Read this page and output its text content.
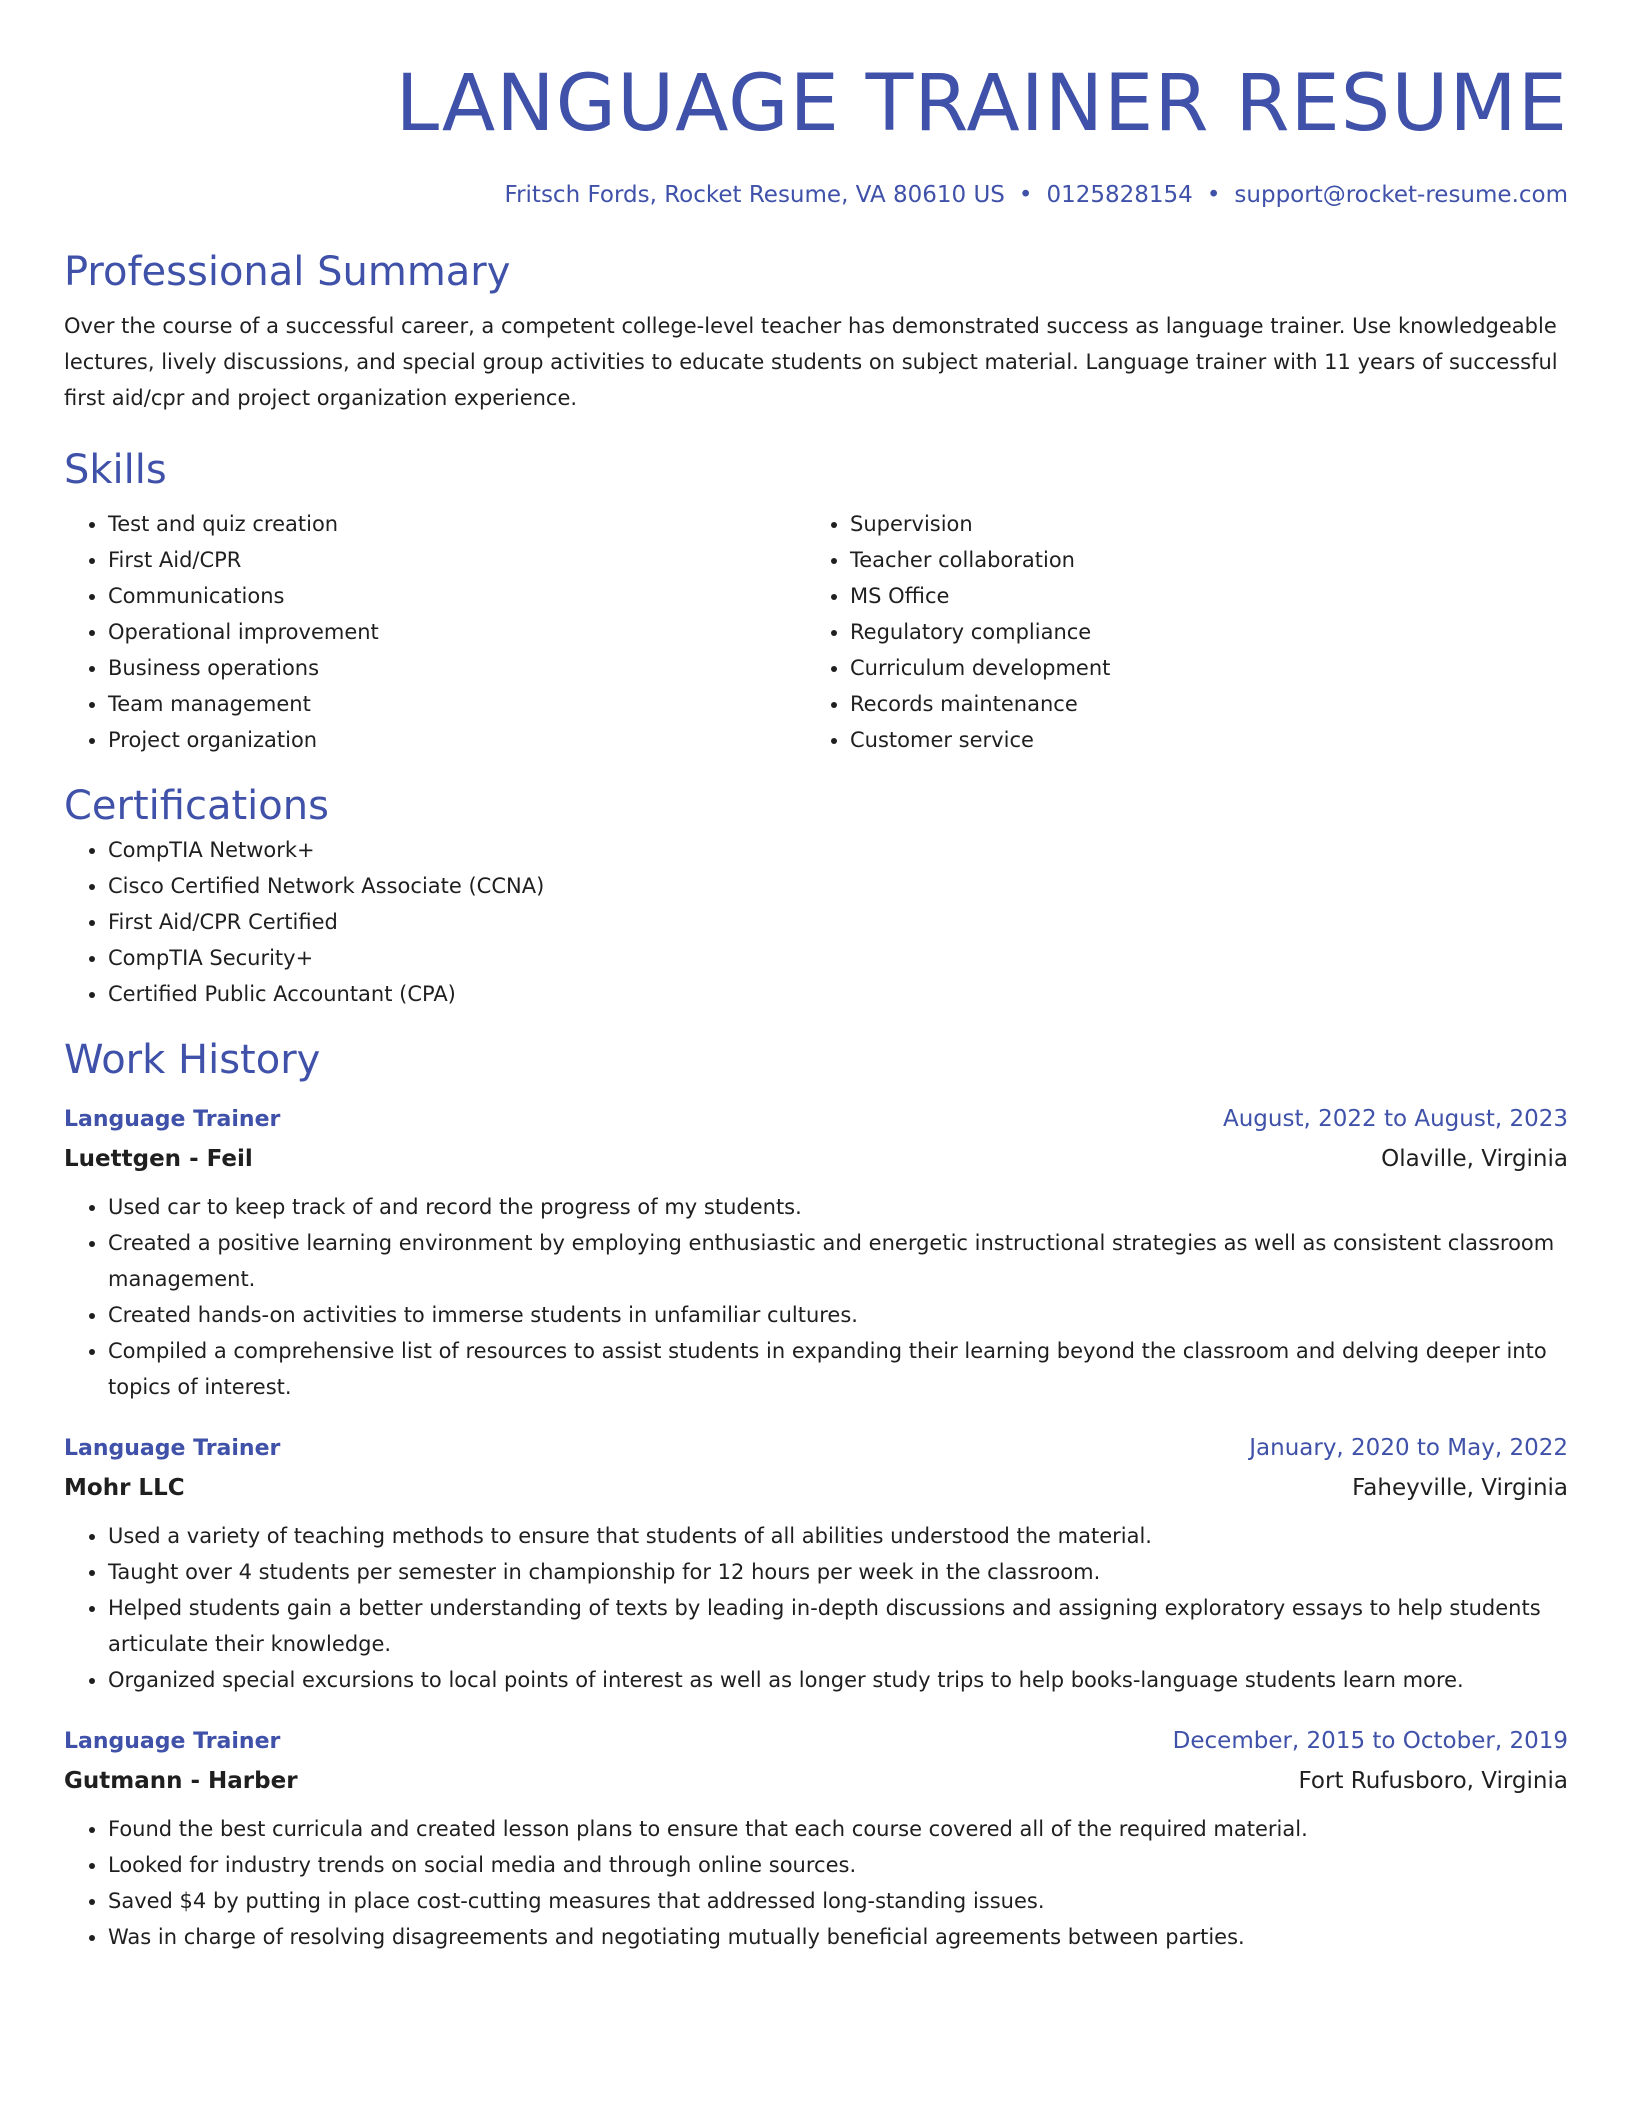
LANGUAGE TRAINER RESUME
Fritsch Fords, Rocket Resume, VA 80610 US • 0125828154 • support@rocket-resume.com
Professional Summary

Over the course of a successful career, a competent college-level teacher has demonstrated success as language trainer. Use knowledgeable lectures, lively discussions, and special group activities to educate students on subject material. Language trainer with 11 years of successful first aid/cpr and project organization experience.

Skills
• Test and quiz creation
• First Aid/CPR
• Communications
• Operational improvement
• Business operations
• Team management
• Project organization
• Supervision
• Teacher collaboration
• MS Office
• Regulatory compliance
• Curriculum development
• Records maintenance
• Customer service
Certifications
• CompTIA Network+
• Cisco Certified Network Associate (CCNA)
• First Aid/CPR Certified
• CompTIA Security+
• Certified Public Accountant (CPA)
Work History
Language Trainer	August, 2022 to August, 2023
Luettgen - Feil	Olaville, Virginia
• Used car to keep track of and record the progress of my students.
• Created a positive learning environment by employing enthusiastic and energetic instructional strategies as well as consistent classroom management.
• Created hands-on activities to immerse students in unfamiliar cultures.
• Compiled a comprehensive list of resources to assist students in expanding their learning beyond the classroom and delving deeper into topics of interest.
Language Trainer	January, 2020 to May, 2022
Mohr LLC	Faheyville, Virginia
• Used a variety of teaching methods to ensure that students of all abilities understood the material.
• Taught over 4 students per semester in championship for 12 hours per week in the classroom.
• Helped students gain a better understanding of texts by leading in-depth discussions and assigning exploratory essays to help students articulate their knowledge.
• Organized special excursions to local points of interest as well as longer study trips to help books-language students learn more.
Language Trainer	December, 2015 to October, 2019
Gutmann - Harber	Fort Rufusboro, Virginia
• Found the best curricula and created lesson plans to ensure that each course covered all of the required material.
• Looked for industry trends on social media and through online sources.
• Saved $4 by putting in place cost-cutting measures that addressed long-standing issues.
• Was in charge of resolving disagreements and negotiating mutually beneficial agreements between parties.
